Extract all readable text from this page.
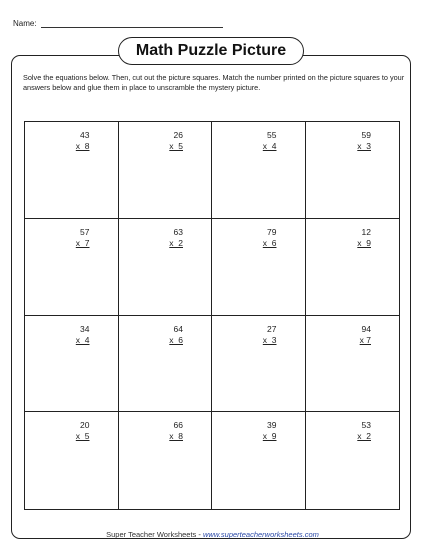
Name:
Math Puzzle Picture
Solve the equations below. Then, cut out the picture squares. Match the number printed on the picture squares to your answers below and glue them in place to unscramble the mystery picture.
43
x  8
26
x  5
55
x  4
59
x  3
57
x  7
63
x  2
79
x  6
12
x  9
34
x  4
64
x  6
27
x  3
94
x 7
20
x  5
66
x  8
39
x  9
53
x  2
Super Teacher Worksheets - www.superteacherworksheets.com
